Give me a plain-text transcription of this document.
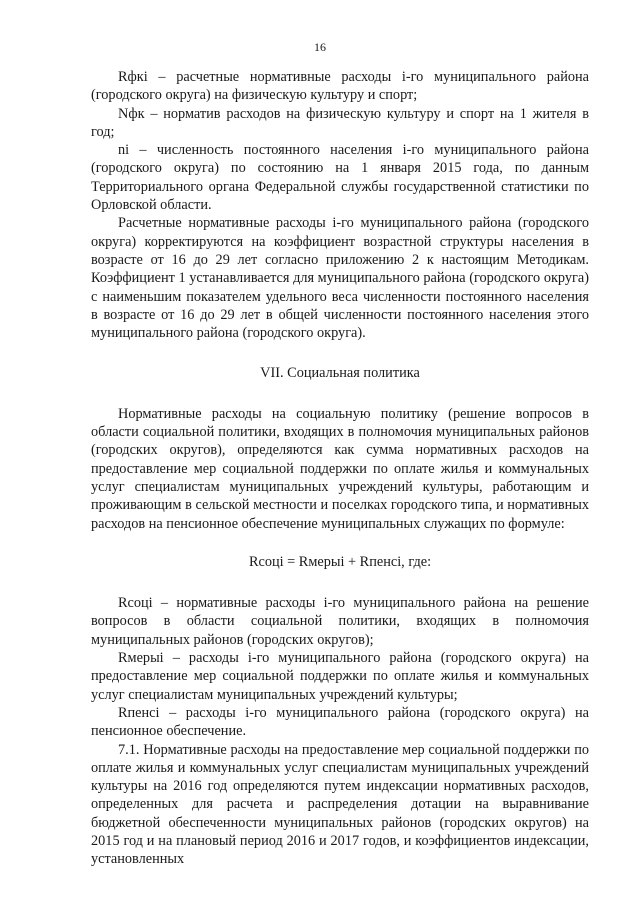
16

Rфкi – расчетные нормативные расходы i-го муниципального района (городского округа) на физическую культуру и спорт;

Nфк – норматив расходов на физическую культуру и спорт на 1 жителя в год;

ni – численность постоянного населения i-го муниципального района (городского округа) по состоянию на 1 января 2015 года, по данным Территориального органа Федеральной службы государственной статистики по Орловской области.

Расчетные нормативные расходы i-го муниципального района (городского округа) корректируются на коэффициент возрастной структуры населения в возрасте от 16 до 29 лет согласно приложению 2 к настоящим Методикам. Коэффициент 1 устанавливается для муниципального района (городского округа) с наименьшим показателем удельного веса численности постоянного населения в возрасте от 16 до 29 лет в общей численности постоянного населения этого муниципального района (городского округа).

VII. Социальная политика

Нормативные расходы на социальную политику (решение вопросов в области социальной политики, входящих в полномочия муниципальных районов (городских округов), определяются как сумма нормативных расходов на предоставление мер социальной поддержки по оплате жилья и коммунальных услуг специалистам муниципальных учреждений культуры, работающим и проживающим в сельской местности и поселках городского типа, и нормативных расходов на пенсионное обеспечение муниципальных служащих по формуле:

Rсоцi = Rмерыi + Rпенсi, где:

Rсоцi – нормативные расходы i-го муниципального района на решение вопросов в области социальной политики, входящих в полномочия муниципальных районов (городских округов);

Rмерыi – расходы i-го муниципального района (городского округа) на предоставление мер социальной поддержки по оплате жилья и коммунальных услуг специалистам муниципальных учреждений культуры;

Rпенсi – расходы i-го муниципального района (городского округа) на пенсионное обеспечение.

7.1. Нормативные расходы на предоставление мер социальной поддержки по оплате жилья и коммунальных услуг специалистам муниципальных учреждений культуры на 2016 год определяются путем индексации нормативных расходов, определенных для расчета и распределения дотации на выравнивание бюджетной обеспеченности муниципальных районов (городских округов) на 2015 год и на плановый период 2016 и 2017 годов, и коэффициентов индексации, установленных
